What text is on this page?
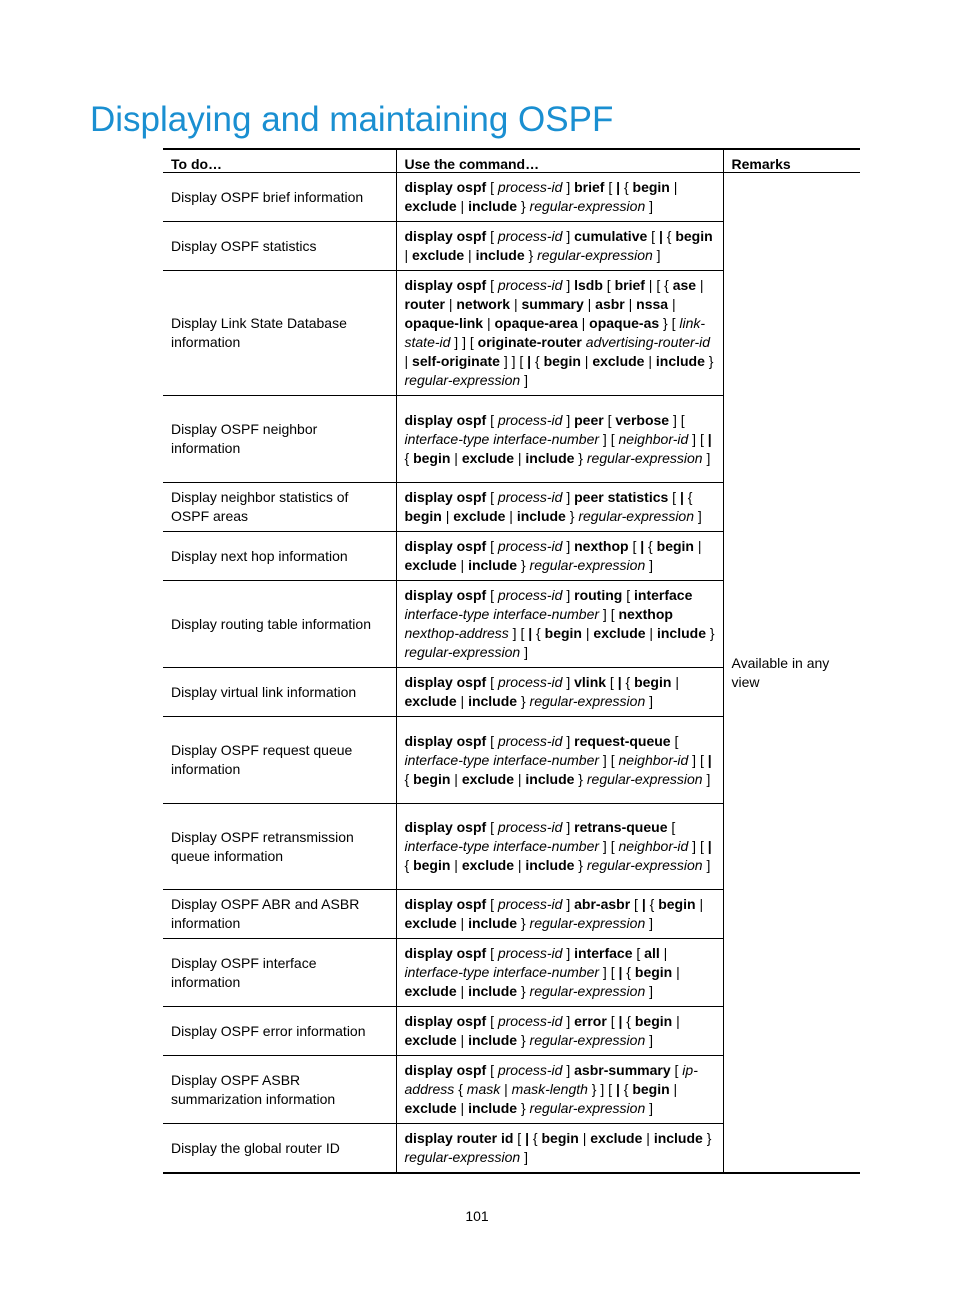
Displaying and maintaining OSPF
To do…	Use the command…	Remarks
Display OSPF brief information	display ospf [ process-id ] brief [ | { begin | exclude | include } regular-expression ]	Available in any view
Display OSPF statistics	display ospf [ process-id ] cumulative [ | { begin | exclude | include } regular-expression ]	
Display Link State Database information	display ospf [ process-id ] lsdb [ brief | [ { ase | router | network | summary | asbr | nssa | opaque-link | opaque-area | opaque-as } [ link-state-id ] ] [ originate-router advertising-router-id | self-originate ] ] [ | { begin | exclude | include } regular-expression ]	
Display OSPF neighbor information	display ospf [ process-id ] peer [ verbose ] [ interface-type interface-number ] [ neighbor-id ] [ | { begin | exclude | include } regular-expression ]	
Display neighbor statistics of OSPF areas	display ospf [ process-id ] peer statistics [ | { begin | exclude | include } regular-expression ]	
Display next hop information	display ospf [ process-id ] nexthop [ | { begin | exclude | include } regular-expression ]	
Display routing table information	display ospf [ process-id ] routing [ interface interface-type interface-number ] [ nexthop nexthop-address ] [ | { begin | exclude | include } regular-expression ]	
Display virtual link information	display ospf [ process-id ] vlink [ | { begin | exclude | include } regular-expression ]	
Display OSPF request queue information	display ospf [ process-id ] request-queue [ interface-type interface-number ] [ neighbor-id ] [ | { begin | exclude | include } regular-expression ]	
Display OSPF retransmission queue information	display ospf [ process-id ] retrans-queue [ interface-type interface-number ] [ neighbor-id ] [ | { begin | exclude | include } regular-expression ]	
Display OSPF ABR and ASBR information	display ospf [ process-id ] abr-asbr [ | { begin | exclude | include } regular-expression ]	
Display OSPF interface information	display ospf [ process-id ] interface [ all | interface-type interface-number ] [ | { begin | exclude | include } regular-expression ]	
Display OSPF error information	display ospf [ process-id ] error [ | { begin | exclude | include } regular-expression ]	
Display OSPF ASBR summarization information	display ospf [ process-id ] asbr-summary [ ip-address { mask | mask-length } ] [ | { begin | exclude | include } regular-expression ]	
Display the global router ID	display router id [ | { begin | exclude | include } regular-expression ]	
101
